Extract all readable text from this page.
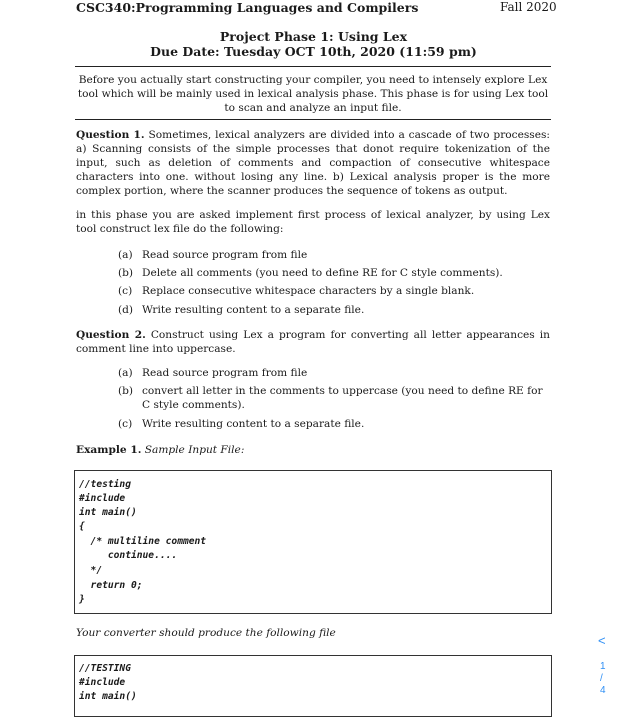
CSC340:Programming Languages and Compilers	Fall 2020
Project Phase 1: Using Lex
Due Date: Tuesday OCT 10th, 2020 (11:59 pm)
Before you actually start constructing your compiler, you need to intensely explore Lex tool which will be mainly used in lexical analysis phase. This phase is for using Lex tool to scan and analyze an input file.
Question 1. Sometimes, lexical analyzers are divided into a cascade of two processes: a) Scanning consists of the simple processes that donot require tokenization of the input, such as deletion of comments and compaction of consecutive whitespace characters into one. without losing any line. b) Lexical analysis proper is the more complex portion, where the scanner produces the sequence of tokens as output.
in this phase you are asked implement first process of lexical analyzer, by using Lex tool construct lex file do the following:
(a) Read source program from file
(b) Delete all comments (you need to define RE for C style comments).
(c) Replace consecutive whitespace characters by a single blank.
(d) Write resulting content to a separate file.
Question 2. Construct using Lex a program for converting all letter appearances in comment line into uppercase.
(a) Read source program from file
(b) convert all letter in the comments to uppercase (you need to define RE for C style comments).
(c) Write resulting content to a separate file.
Example 1. Sample Input File:
//testing
#include
int main()
{
/* multiline comment
continue....
*/
return 0;
}
Your converter should produce the following file
//TESTING
#include
int main()
<
1
/
4
